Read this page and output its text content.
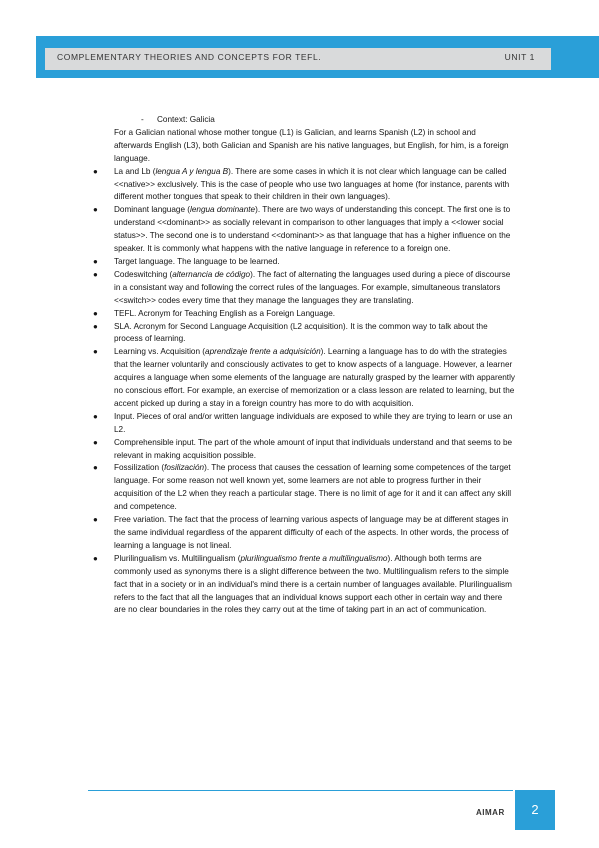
COMPLEMENTARY THEORIES AND CONCEPTS FOR TEFL.	UNIT 1
- Context: Galicia

For a Galician national whose mother tongue (L1) is Galician, and learns Spanish (L2) in school and afterwards English (L3), both Galician and Spanish are his native languages, but English, for him, is a foreign language.

● La and Lb (lengua A y lengua B). There are some cases in which it is not clear which language can be called <<native>> exclusively. This is the case of people who use two languages at home (for instance, parents with different mother tongues that speak to their children in their own languages).
● Dominant language (lengua dominante). There are two ways of understanding this concept. The first one is to understand <<dominant>> as socially relevant in comparison to other languages that imply a <<lower social status>>. The second one is to understand <<dominant>> as that language that has a higher influence on the speaker. It is commonly what happens with the native language in reference to a foreign one.
● Target language. The language to be learned.
● Codeswitching (alternancia de código). The fact of alternating the languages used during a piece of discourse in a consistant way and following the correct rules of the languages. For example, simultaneous translators <<switch>> codes every time that they manage the languages they are translating.
● TEFL. Acronym for Teaching English as a Foreign Language.
● SLA. Acronym for Second Language Acquisition (L2 acquisition). It is the common way to talk about the process of learning.
● Learning vs. Acquisition (aprendizaje frente a adquisición). Learning a language has to do with the strategies that the learner voluntarily and consciously activates to get to know aspects of a language. However, a learner acquires a language when some elements of the language are naturally grasped by the learner with apparently no conscious effort. For example, an exercise of memorization or a class lesson are related to learning, but the accent picked up during a stay in a foreign country has more to do with acquisition.
● Input. Pieces of oral and/or written language individuals are exposed to while they are trying to learn or use an L2.
● Comprehensible input. The part of the whole amount of input that individuals understand and that seems to be relevant in making acquisition possible.
● Fossilization (fosilización). The process that causes the cessation of learning some competences of the target language. For some reason not well known yet, some learners are not able to progress further in their acquisition of the L2 when they reach a particular stage. There is no limit of age for it and it can affect any skill and competence.
● Free variation. The fact that the process of learning various aspects of language may be at different stages in the same individual regardless of the apparent difficulty of each of the aspects. In other words, the process of learning a language is not lineal.
● Plurilingualism vs. Multilingualism (plurilingualismo frente a multilingualismo). Although both terms are commonly used as synonyms there is a slight difference between the two. Multilingualism refers to the simple fact that in a society or in an individual's mind there is a certain number of languages available. Plurilingualism refers to the fact that all the languages that an individual knows support each other in certain way and there are no clear boundaries in the roles they carry out at the time of taking part in an act of communication.
AIMAR	2
